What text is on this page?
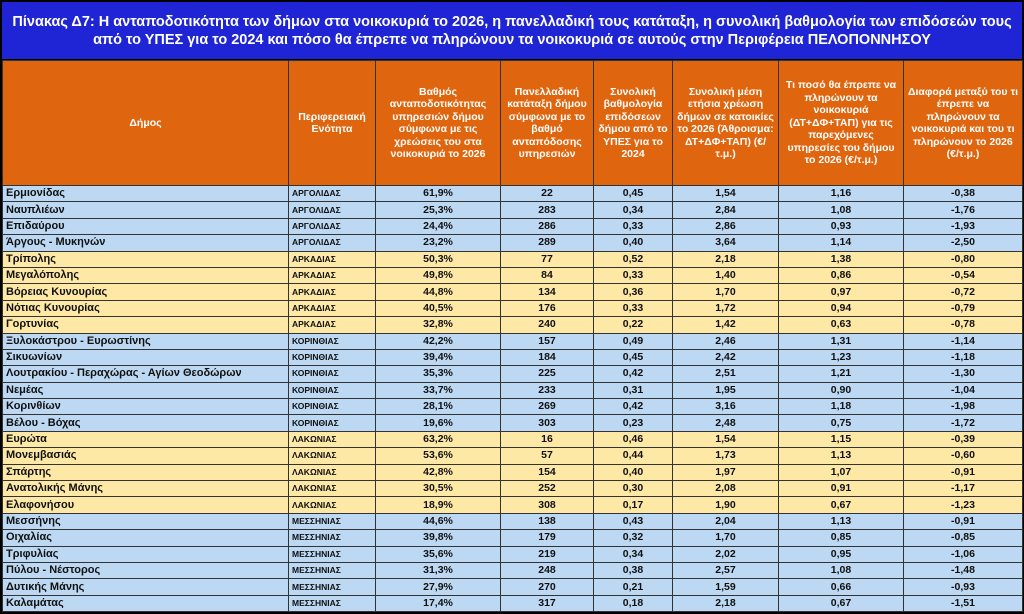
Πίνακας Δ7: Η ανταποδοτικότητα των δήμων στα νοικοκυριά το 2026, η πανελλαδική τους κατάταξη, η συνολική βαθμολογία των επιδόσεών τους από το ΥΠΕΣ για το 2024 και πόσο θα έπρεπε να πληρώνουν τα νοικοκυριά σε αυτούς στην Περιφέρεια ΠΕΛΟΠΟΝΝΗΣΟΥ
Δήμος	Περιφερειακή Ενότητα	Βαθμός ανταποδοτικότητας υπηρεσιών δήμου σύμφωνα με τις χρεώσεις του στα νοικοκυριά το 2026	Πανελλαδική κατάταξη δήμου σύμφωνα με το βαθμό ανταπόδοσης υπηρεσιών	Συνολική βαθμολογία επιδόσεων δήμου από το ΥΠΕΣ για το 2024	Συνολική μέση ετήσια χρέωση δήμων σε κατοικίες το 2026 (Άθροισμα: ΔΤ+ΔΦ+ΤΑΠ) (€/τ.μ.)	Τι ποσό θα έπρεπε να πληρώνουν τα νοικοκυριά (ΔΤ+ΔΦ+ΤΑΠ) για τις παρεχόμενες υπηρεσίες του δήμου το 2026 (€/τ.μ.)	Διαφορά μεταξύ του τι έπρεπε να πληρώνουν τα νοικοκυριά και του τι πληρώνουν το 2026 (€/τ.μ.)
Ερμιονίδας	ΑΡΓΟΛΙΔΑΣ	61,9%	22	0,45	1,54	1,16	-0,38
Ναυπλιέων	ΑΡΓΟΛΙΔΑΣ	25,3%	283	0,34	2,84	1,08	-1,76
Επιδαύρου	ΑΡΓΟΛΙΔΑΣ	24,4%	286	0,33	2,86	0,93	-1,93
Άργους - Μυκηνών	ΑΡΓΟΛΙΔΑΣ	23,2%	289	0,40	3,64	1,14	-2,50
Τρίπολης	ΑΡΚΑΔΙΑΣ	50,3%	77	0,52	2,18	1,38	-0,80
Μεγαλόπολης	ΑΡΚΑΔΙΑΣ	49,8%	84	0,33	1,40	0,86	-0,54
Βόρειας Κυνουρίας	ΑΡΚΑΔΙΑΣ	44,8%	134	0,36	1,70	0,97	-0,72
Νότιας Κυνουρίας	ΑΡΚΑΔΙΑΣ	40,5%	176	0,33	1,72	0,94	-0,79
Γορτυνίας	ΑΡΚΑΔΙΑΣ	32,8%	240	0,22	1,42	0,63	-0,78
Ξυλοκάστρου - Ευρωστίνης	ΚΟΡΙΝΘΙΑΣ	42,2%	157	0,49	2,46	1,31	-1,14
Σικυωνίων	ΚΟΡΙΝΘΙΑΣ	39,4%	184	0,45	2,42	1,23	-1,18
Λουτρακίου - Περαχώρας - Αγίων Θεοδώρων	ΚΟΡΙΝΘΙΑΣ	35,3%	225	0,42	2,51	1,21	-1,30
Νεμέας	ΚΟΡΙΝΘΙΑΣ	33,7%	233	0,31	1,95	0,90	-1,04
Κορινθίων	ΚΟΡΙΝΘΙΑΣ	28,1%	269	0,42	3,16	1,18	-1,98
Βέλου - Βόχας	ΚΟΡΙΝΘΙΑΣ	19,6%	303	0,23	2,48	0,75	-1,72
Ευρώτα	ΛΑΚΩΝΙΑΣ	63,2%	16	0,46	1,54	1,15	-0,39
Μονεμβασιάς	ΛΑΚΩΝΙΑΣ	53,6%	57	0,44	1,73	1,13	-0,60
Σπάρτης	ΛΑΚΩΝΙΑΣ	42,8%	154	0,40	1,97	1,07	-0,91
Ανατολικής Μάνης	ΛΑΚΩΝΙΑΣ	30,5%	252	0,30	2,08	0,91	-1,17
Ελαφονήσου	ΛΑΚΩΝΙΑΣ	18,9%	308	0,17	1,90	0,67	-1,23
Μεσσήνης	ΜΕΣΣΗΝΙΑΣ	44,6%	138	0,43	2,04	1,13	-0,91
Οιχαλίας	ΜΕΣΣΗΝΙΑΣ	39,8%	179	0,32	1,70	0,85	-0,85
Τριφυλίας	ΜΕΣΣΗΝΙΑΣ	35,6%	219	0,34	2,02	0,95	-1,06
Πύλου - Νέστορος	ΜΕΣΣΗΝΙΑΣ	31,3%	248	0,38	2,57	1,08	-1,48
Δυτικής Μάνης	ΜΕΣΣΗΝΙΑΣ	27,9%	270	0,21	1,59	0,66	-0,93
Καλαμάτας	ΜΕΣΣΗΝΙΑΣ	17,4%	317	0,18	2,18	0,67	-1,51
